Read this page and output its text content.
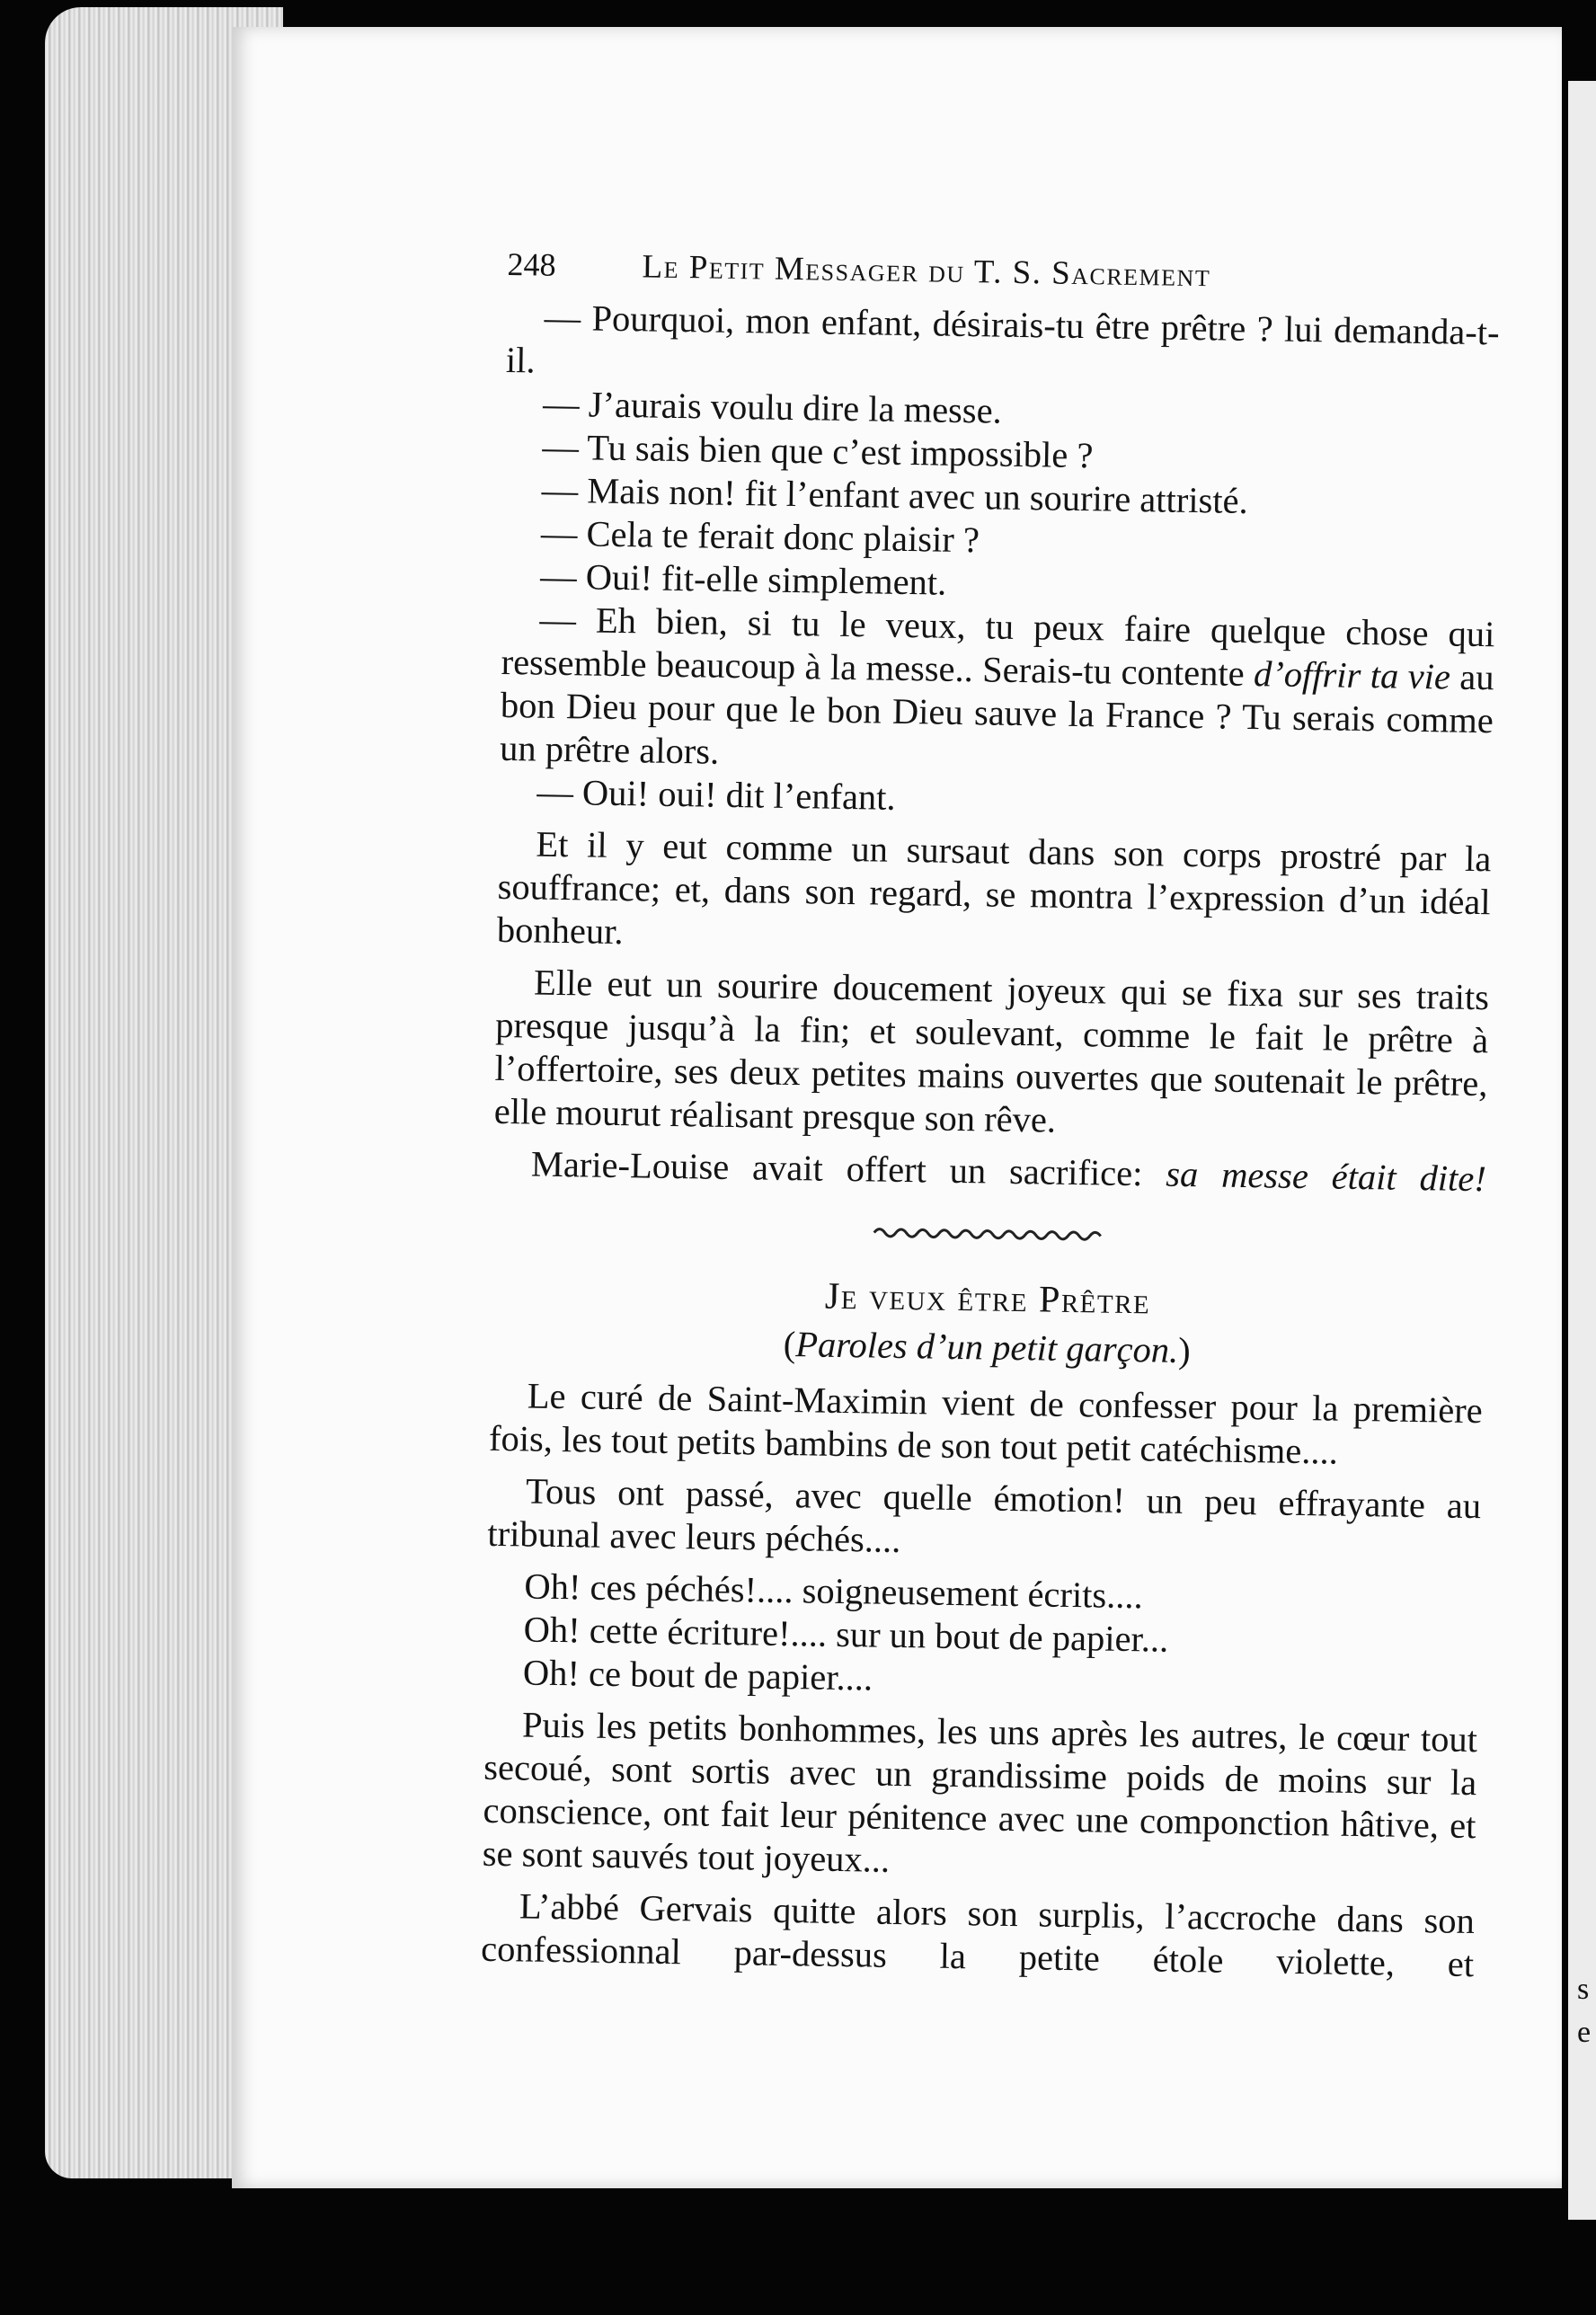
s
e
248	Le Petit Messager du T. S. Sacrement

— Pourquoi, mon enfant, désirais-tu être prêtre ? lui demanda-t-il.

— J’aurais voulu dire la messe.

— Tu sais bien que c’est impossible ?

— Mais non! fit l’enfant avec un sourire attristé.

— Cela te ferait donc plaisir ?

— Oui! fit-elle simplement.

— Eh bien, si tu le veux, tu peux faire quelque chose qui ressemble beaucoup à la messe.. Serais-tu contente d’offrir ta vie au bon Dieu pour que le bon Dieu sauve la France ? Tu serais comme un prêtre alors.

— Oui! oui! dit l’enfant.

Et il y eut comme un sursaut dans son corps prostré par la souffrance; et, dans son regard, se montra l’expression d’un idéal bonheur.

Elle eut un sourire doucement joyeux qui se fixa sur ses traits presque jusqu’à la fin; et soulevant, comme le fait le prêtre à l’offertoire, ses deux petites mains ouvertes que soutenait le prêtre, elle mourut réalisant presque son rêve.

Marie-Louise avait offert un sacrifice: sa messe était dite!

Je veux être Prêtre
(Paroles d’un petit garçon.)

Le curé de Saint-Maximin vient de confesser pour la première fois, les tout petits bambins de son tout petit catéchisme....

Tous ont passé, avec quelle émotion! un peu effrayante au tribunal avec leurs péchés....

Oh! ces péchés!.... soigneusement écrits....

Oh! cette écriture!.... sur un bout de papier...

Oh! ce bout de papier....

Puis les petits bonhommes, les uns après les autres, le cœur tout secoué, sont sortis avec un grandissime poids de moins sur la conscience, ont fait leur pénitence avec une componction hâtive, et se sont sauvés tout joyeux...

L’abbé Gervais quitte alors son surplis, l’accroche dans son confessionnal par-dessus la petite étole violette, et
